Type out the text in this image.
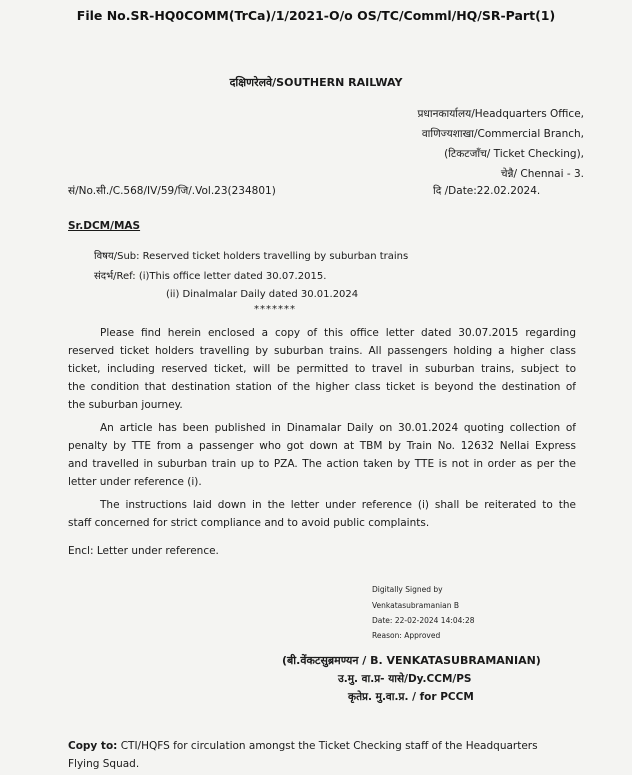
File No.SR-HQ0COMM(TrCa)/1/2021-O/o OS/TC/Comml/HQ/SR-Part(1)
दक्षिणरेलवे/SOUTHERN RAILWAY
प्रधानकार्यालय/Headquarters Office,
वाणिज्यशाखा/Commercial Branch,
(टिकटजाँच/ Ticket Checking),
चेन्नै/ Chennai - 3.
सं/No.सी./C.568/IV/59/जि/.Vol.23(234801)	दि /Date:22.02.2024.
Sr.DCM/MAS
विषय/Sub: Reserved ticket holders travelling by suburban trains
संदर्भ/Ref: (i)This office letter dated 30.07.2015.
(ii) Dinalmalar Daily dated 30.01.2024
*******
Please find herein enclosed a copy of this office letter dated 30.07.2015 regarding
reserved ticket holders travelling by suburban trains. All passengers holding a higher class
ticket, including reserved ticket, will be permitted to travel in suburban trains, subject to
the condition that destination station of the higher class ticket is beyond the destination of
the suburban journey.
An article has been published in Dinamalar Daily on 30.01.2024 quoting collection of
penalty by TTE from a passenger who got down at TBM by Train No. 12632 Nellai Express
and travelled in suburban train up to PZA. The action taken by TTE is not in order as per the
letter under reference (i).
The instructions laid down in the letter under reference (i) shall be reiterated to the
staff concerned for strict compliance and to avoid public complaints.
Encl: Letter under reference.
Digitally Signed by
Venkatasubramanian B
Date: 22-02-2024 14:04:28
Reason: Approved
(बी.वेंकटसुब्रमण्यन / B. VENKATASUBRAMANIAN)
उ.मु. वा.प्र- यासे/Dy.CCM/PS
कृतेप्र. मु.वा.प्र. / for PCCM
Copy to: CTI/HQFS for circulation amongst the Ticket Checking staff of the Headquarters
Flying Squad.
